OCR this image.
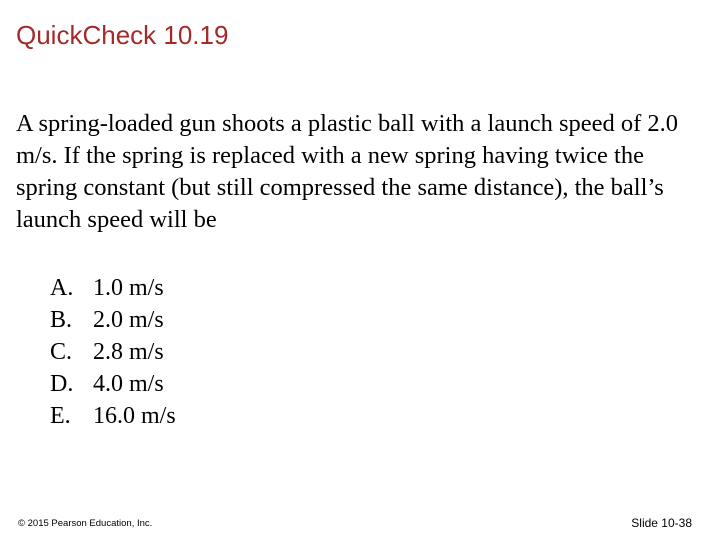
QuickCheck 10.19
A spring-loaded gun shoots a plastic ball with a launch speed of 2.0 m/s. If the spring is replaced with a new spring having twice the spring constant (but still compressed the same distance), the ball’s launch speed will be
A. 1.0 m/s
B. 2.0 m/s
C. 2.8 m/s
D. 4.0 m/s
E. 16.0 m/s
© 2015 Pearson Education, Inc.	Slide 10-38
